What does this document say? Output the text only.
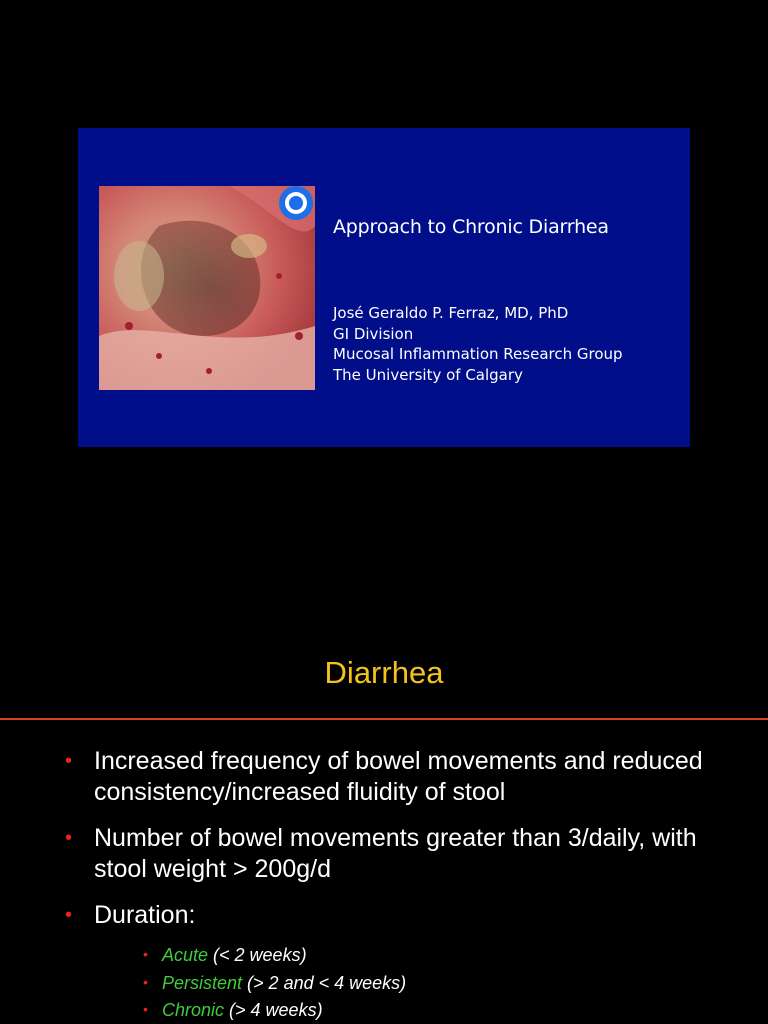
Approach to Chronic Diarrhea
José Geraldo P. Ferraz, MD, PhD
GI Division
Mucosal Inflammation Research Group
The University of Calgary
Diarrhea
• Increased frequency of bowel movements and reduced consistency/increased fluidity of stool
• Number of bowel movements greater than 3/daily, with stool weight > 200g/d
• Duration:
• Acute (< 2 weeks)
• Persistent (> 2 and < 4 weeks)
• Chronic (> 4 weeks)
